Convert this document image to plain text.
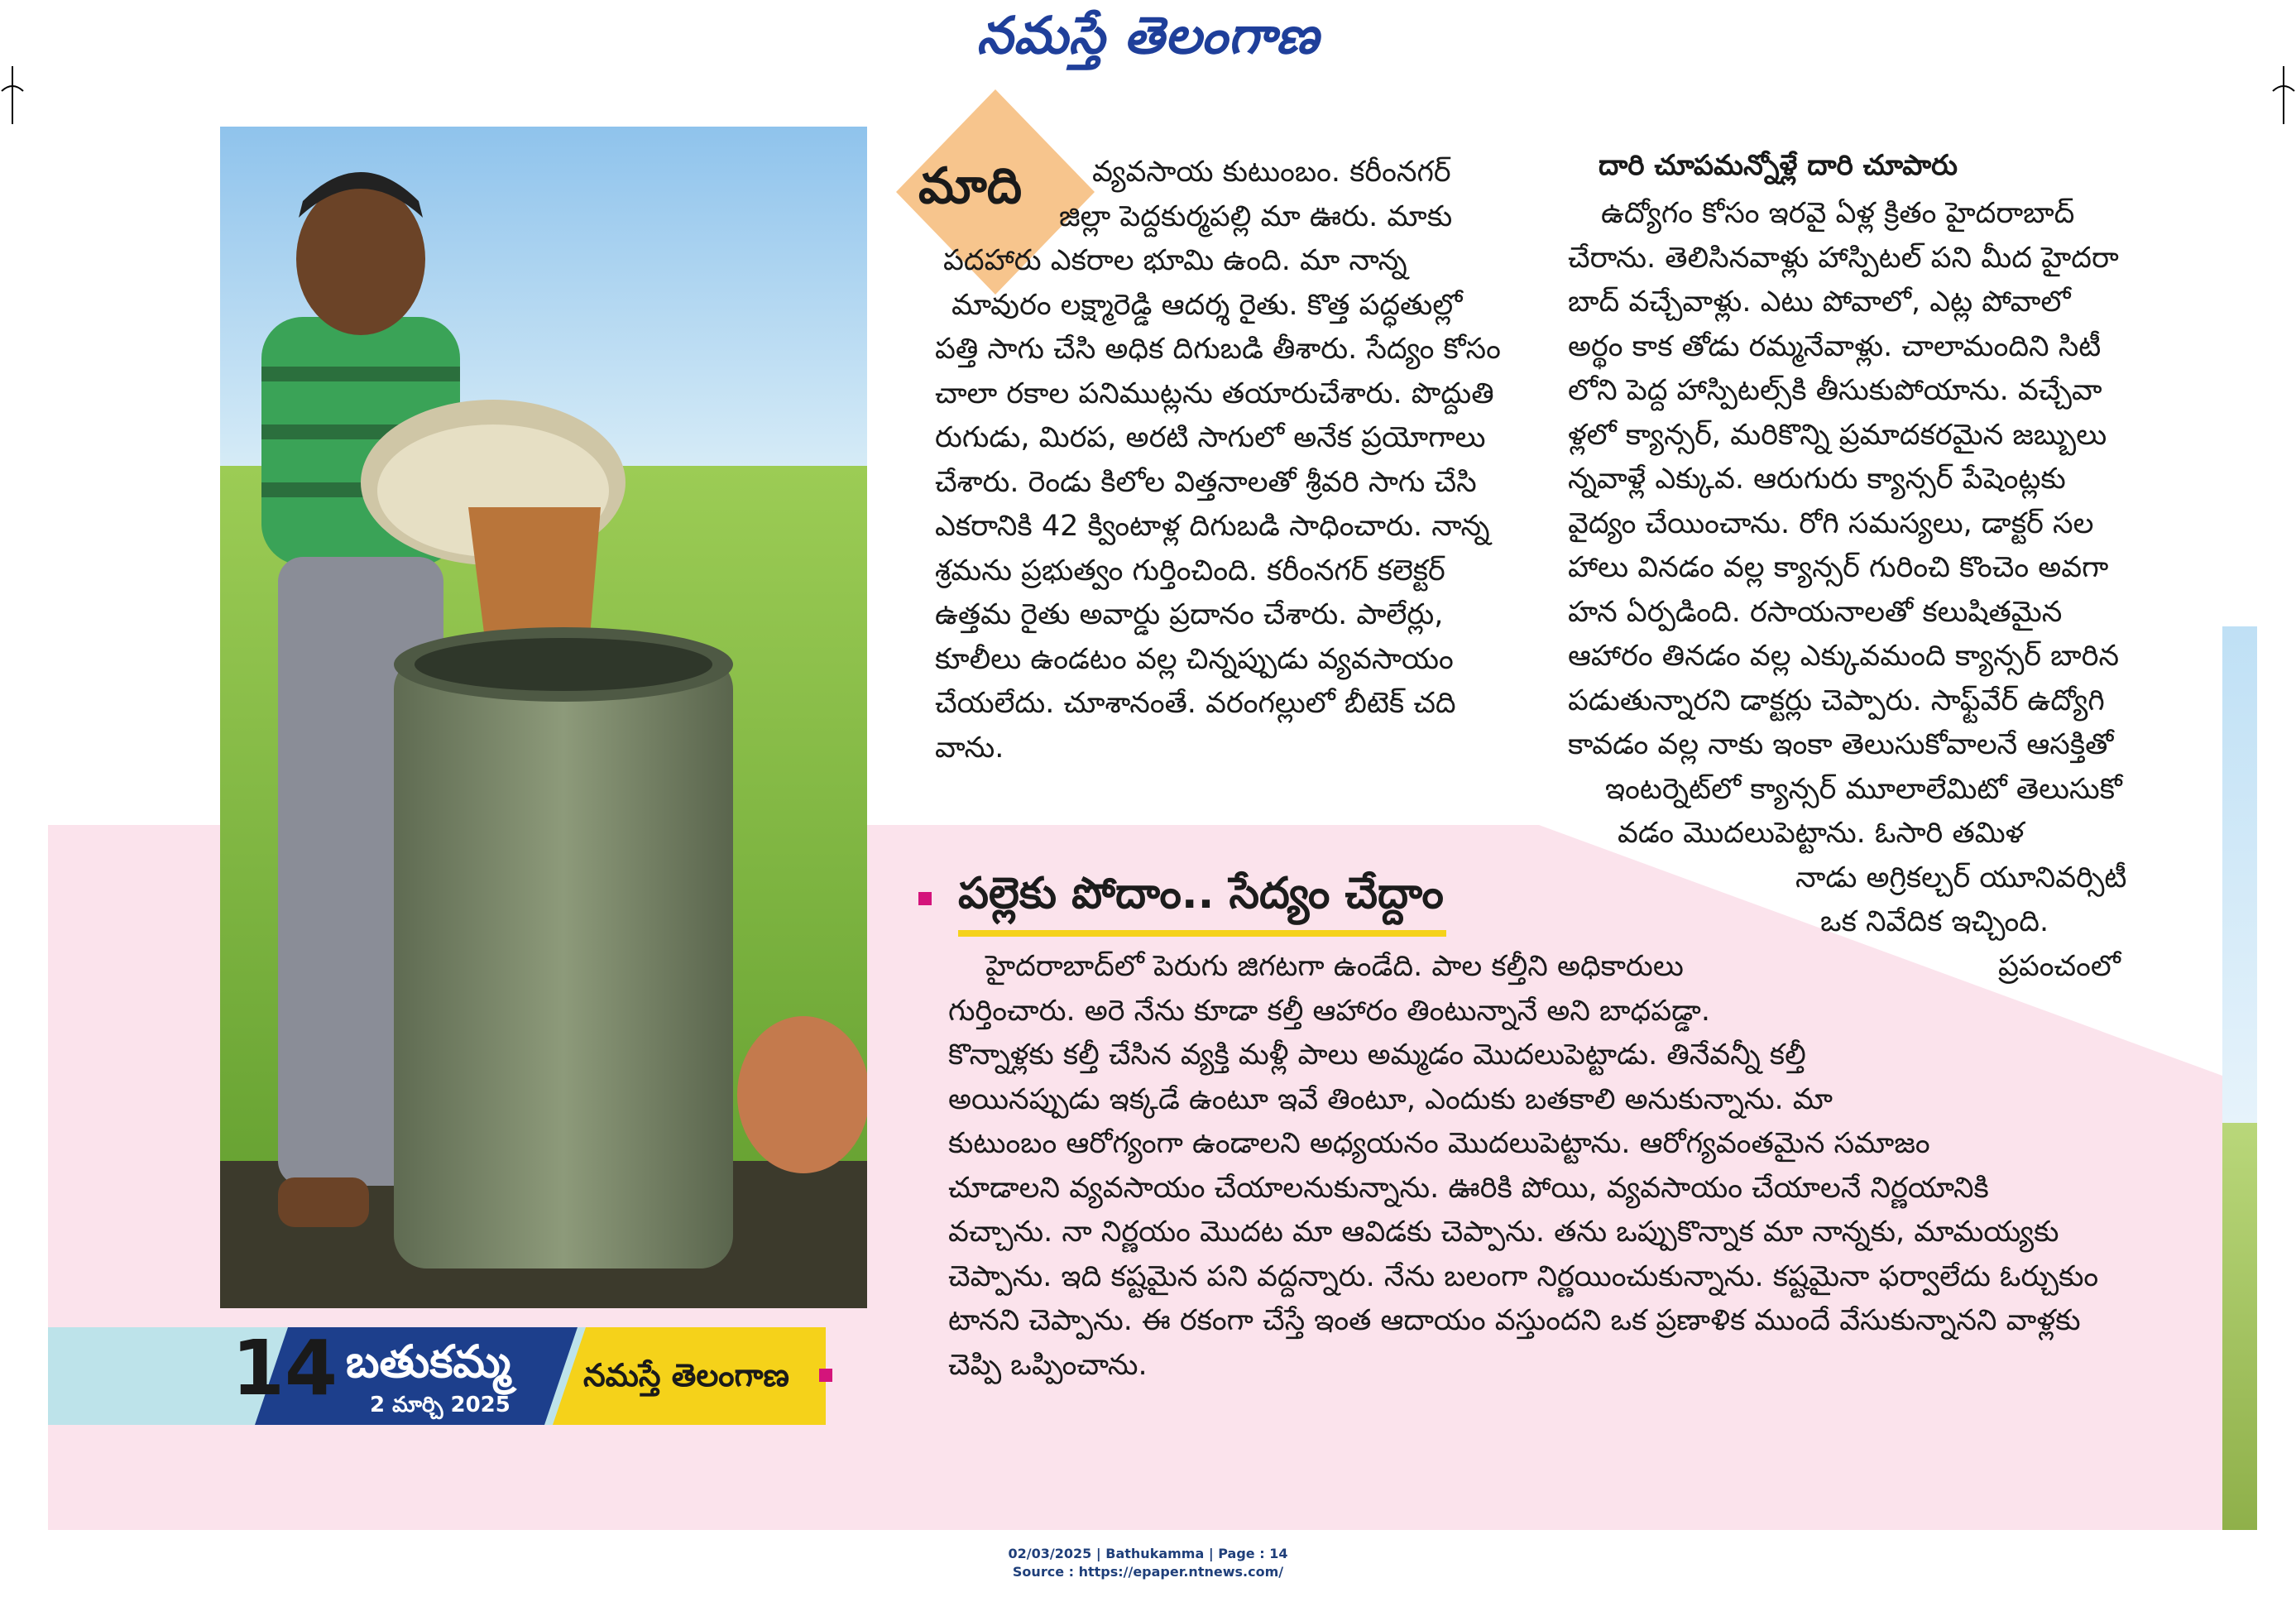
నమస్తే తెలంగాణ
మాది	వ్యవసాయ కుటుంబం. కరీంనగర్

జిల్లా పెద్దకుర్మపల్లి మా ఊరు. మాకు

పదహారు ఎకరాల భూమి ఉంది. మా నాన్న

మావురం లక్ష్మారెడ్డి ఆదర్శ రైతు. కొత్త పద్ధతుల్లో

పత్తి సాగు చేసి అధిక దిగుబడి తీశారు. సేద్యం కోసం

చాలా రకాల పనిముట్లను తయారుచేశారు. పొద్దుతి

రుగుడు, మిరప, అరటి సాగులో అనేక ప్రయోగాలు

చేశారు. రెండు కిలోల విత్తనాలతో శ్రీవరి సాగు చేసి

ఎకరానికి 42 క్వింటాళ్ల దిగుబడి సాధించారు. నాన్న

శ్రమను ప్రభుత్వం గుర్తించింది. కరీంనగర్ కలెక్టర్

ఉత్తమ రైతు అవార్డు ప్రదానం చేశారు. పాలేర్లు,

కూలీలు ఉండటం వల్ల చిన్నప్పుడు వ్యవసాయం

చేయలేదు. చూశానంతే. వరంగల్లులో బీటెక్ చది

వాను.

దారి చూపమన్నోళ్లే దారి చూపారు

ఉద్యోగం కోసం ఇరవై ఏళ్ల క్రితం హైదరాబాద్

చేరాను. తెలిసినవాళ్లు హాస్పిటల్ పని మీద హైదరా

బాద్ వచ్చేవాళ్లు. ఎటు పోవాలో, ఎట్ల పోవాలో

అర్థం కాక తోడు రమ్మనేవాళ్లు. చాలామందిని సిటీ

లోని పెద్ద హాస్పిటల్స్‌కి తీసుకుపోయాను. వచ్చేవా

ళ్లలో క్యాన్సర్, మరికొన్ని ప్రమాదకరమైన జబ్బులు

న్నవాళ్లే ఎక్కువ. ఆరుగురు క్యాన్సర్ పేషెంట్లకు

వైద్యం చేయించాను. రోగి సమస్యలు, డాక్టర్ సల

హాలు వినడం వల్ల క్యాన్సర్ గురించి కొంచెం అవగా

హన ఏర్పడింది. రసాయనాలతో కలుషితమైన

ఆహారం తినడం వల్ల ఎక్కువమంది క్యాన్సర్ బారిన

పడుతున్నారని డాక్టర్లు చెప్పారు. సాఫ్ట్‌వేర్ ఉద్యోగి

కావడం వల్ల నాకు ఇంకా తెలుసుకోవాలనే ఆసక్తితో

ఇంటర్నెట్‌లో క్యాన్సర్ మూలాలేమిటో తెలుసుకో

వడం మొదలుపెట్టాను. ఓసారి తమిళ

నాడు అగ్రికల్చర్ యూనివర్సిటీ

ఒక నివేదిక ఇచ్చింది.

ప్రపంచంలో

పల్లెకు పోదాం.. సేద్యం చేద్దాం

హైదరాబాద్‌లో పెరుగు జిగటగా ఉండేది. పాల కల్తీని అధికారులు

గుర్తించారు. అరె నేను కూడా కల్తీ ఆహారం తింటున్నానే అని బాధపడ్డా.

కొన్నాళ్లకు కల్తీ చేసిన వ్యక్తి మళ్లీ పాలు అమ్మడం మొదలుపెట్టాడు. తినేవన్నీ కల్తీ

అయినప్పుడు ఇక్కడే ఉంటూ ఇవే తింటూ, ఎందుకు బతకాలి అనుకున్నాను. మా

కుటుంబం ఆరోగ్యంగా ఉండాలని అధ్యయనం మొదలుపెట్టాను. ఆరోగ్యవంతమైన సమాజం

చూడాలని వ్యవసాయం చేయాలనుకున్నాను. ఊరికి పోయి, వ్యవసాయం చేయాలనే నిర్ణయానికి

వచ్చాను. నా నిర్ణయం మొదట మా ఆవిడకు చెప్పాను. తను ఒప్పుకొన్నాక మా నాన్నకు, మామయ్యకు

చెప్పాను. ఇది కష్టమైన పని వద్దన్నారు. నేను బలంగా నిర్ణయించుకున్నాను. కష్టమైనా ఫర్వాలేదు ఓర్చుకుం

టానని చెప్పాను. ఈ రకంగా చేస్తే ఇంత ఆదాయం వస్తుందని ఒక ప్రణాళిక ముందే వేసుకున్నానని వాళ్లకు

చెప్పి ఒప్పించాను.

14 బతుకమ్మ
2 మార్చి 2025
నమస్తే తెలంగాణ
02/03/2025 | Bathukamma | Page : 14
Source : https://epaper.ntnews.com/
